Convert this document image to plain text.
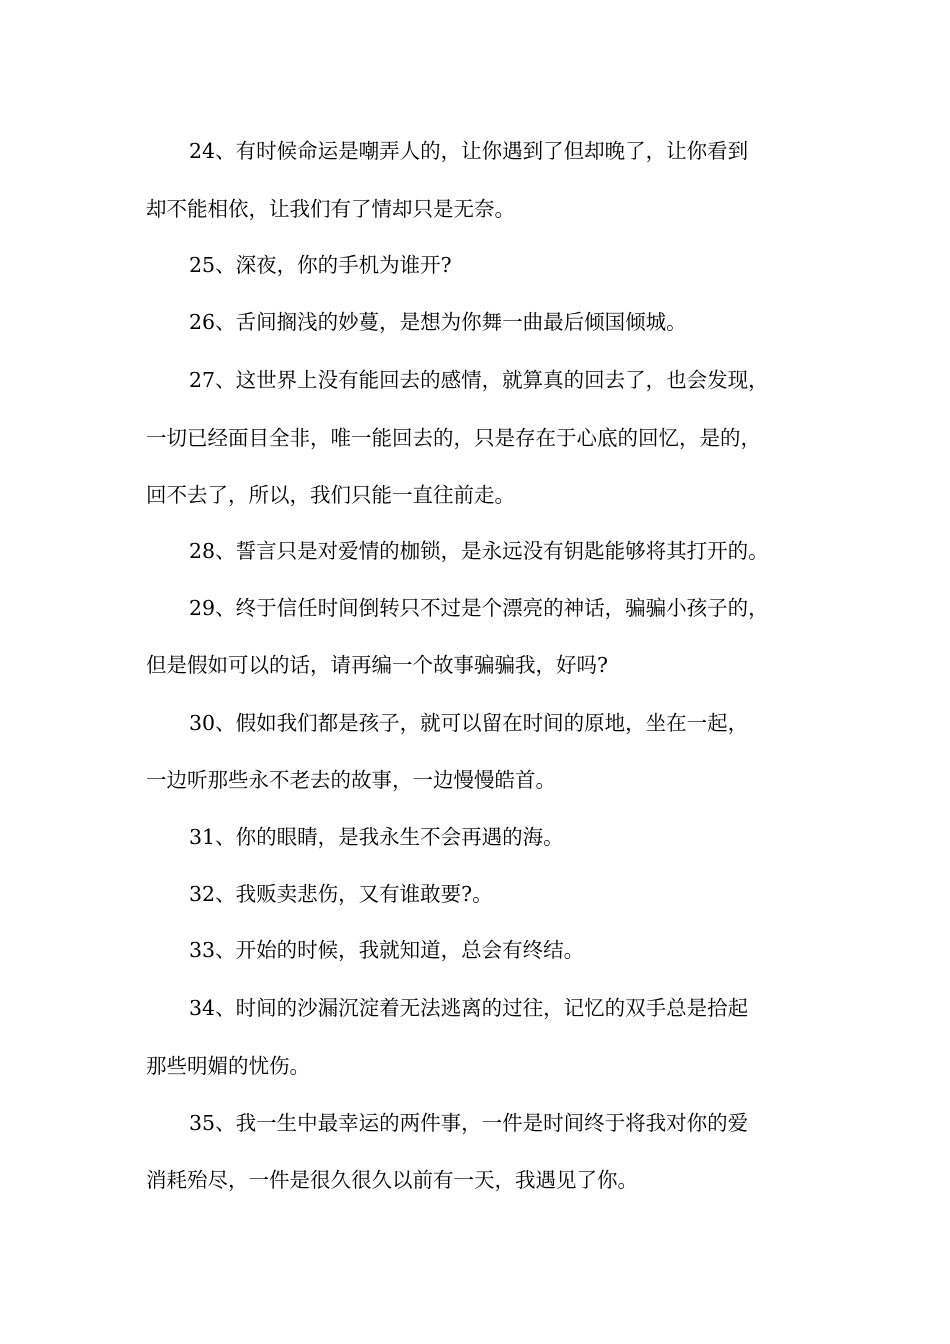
24、有时候命运是嘲弄人的，让你遇到了但却晚了，让你看到
却不能相依，让我们有了情却只是无奈。
25、深夜，你的手机为谁开?
26、舌间搁浅的妙蔓，是想为你舞一曲最后倾国倾城。
27、这世界上没有能回去的感情，就算真的回去了，也会发现，
一切已经面目全非，唯一能回去的，只是存在于心底的回忆，是的，
回不去了，所以，我们只能一直往前走。
28、誓言只是对爱情的枷锁，是永远没有钥匙能够将其打开的。
29、终于信任时间倒转只不过是个漂亮的神话，骗骗小孩子的，
但是假如可以的话，请再编一个故事骗骗我，好吗?
30、假如我们都是孩子，就可以留在时间的原地，坐在一起，
一边听那些永不老去的故事，一边慢慢皓首。
31、你的眼睛，是我永生不会再遇的海。
32、我贩卖悲伤，又有谁敢要?。
33、开始的时候，我就知道，总会有终结。
34、时间的沙漏沉淀着无法逃离的过往，记忆的双手总是拾起
那些明媚的忧伤。
35、我一生中最幸运的两件事，一件是时间终于将我对你的爱
消耗殆尽，一件是很久很久以前有一天，我遇见了你。
